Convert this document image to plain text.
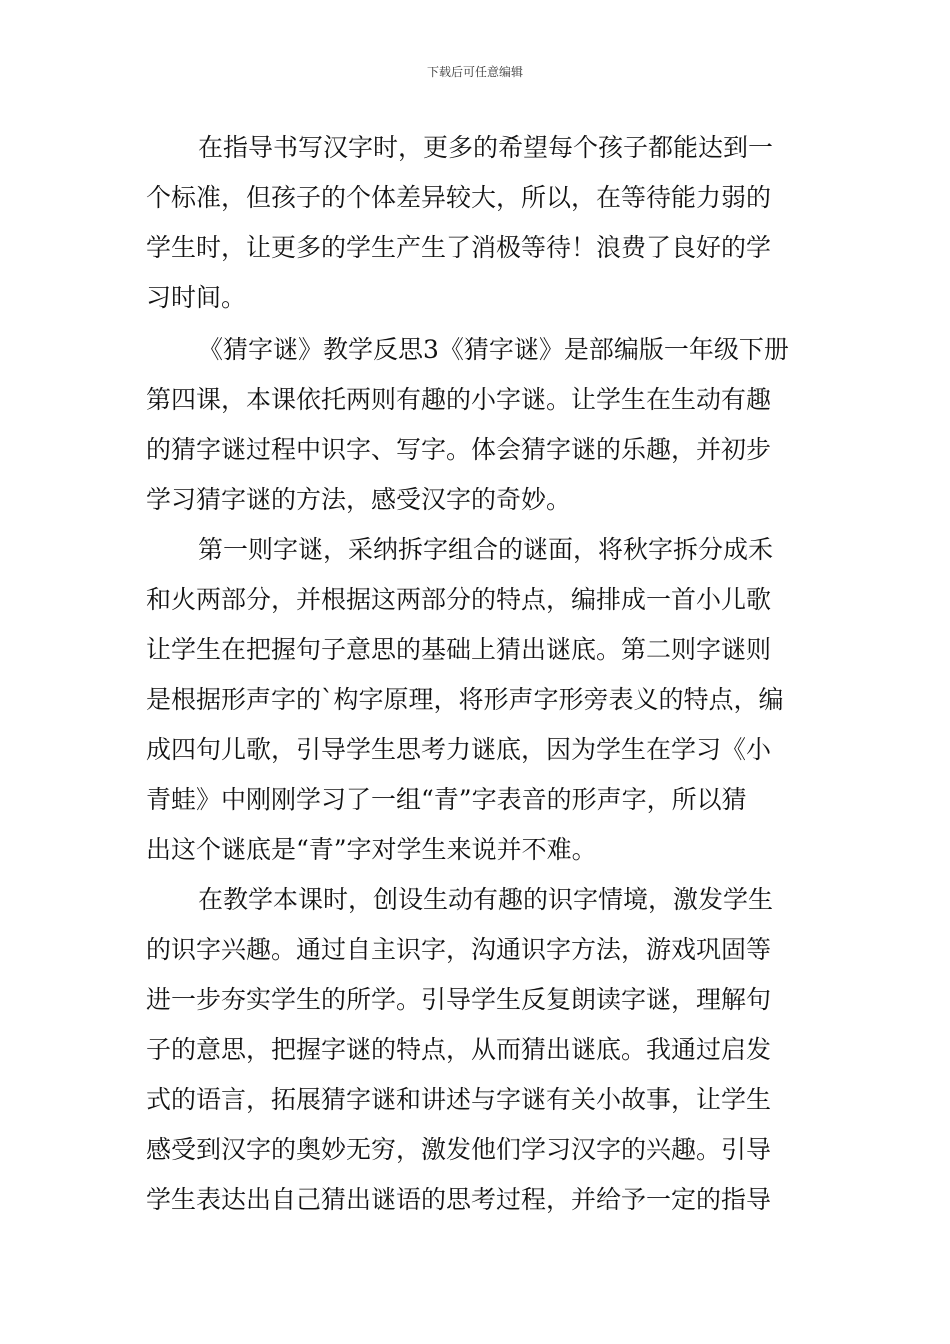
下载后可任意编辑
在指导书写汉字时，更多的希望每个孩子都能达到一
个标准，但孩子的个体差异较大，所以，在等待能力弱的
学生时，让更多的学生产生了消极等待！浪费了良好的学
习时间。
《猜字谜》教学反思3《猜字谜》是部编版一年级下册
第四课，本课依托两则有趣的小字谜。让学生在生动有趣
的猜字谜过程中识字、写字。体会猜字谜的乐趣，并初步
学习猜字谜的方法，感受汉字的奇妙。
第一则字谜，采纳拆字组合的谜面，将秋字拆分成禾
和火两部分，并根据这两部分的特点，编排成一首小儿歌
让学生在把握句子意思的基础上猜出谜底。第二则字谜则
是根据形声字的`构字原理，将形声字形旁表义的特点，编
成四句儿歌，引导学生思考力谜底，因为学生在学习《小
青蛙》中刚刚学习了一组“青”字表音的形声字，所以猜
出这个谜底是“青”字对学生来说并不难。
在教学本课时，创设生动有趣的识字情境，激发学生
的识字兴趣。通过自主识字，沟通识字方法，游戏巩固等
进一步夯实学生的所学。引导学生反复朗读字谜，理解句
子的意思，把握字谜的特点，从而猜出谜底。我通过启发
式的语言，拓展猜字谜和讲述与字谜有关小故事，让学生
感受到汉字的奥妙无穷，激发他们学习汉字的兴趣。引导
学生表达出自己猜出谜语的思考过程，并给予一定的指导
